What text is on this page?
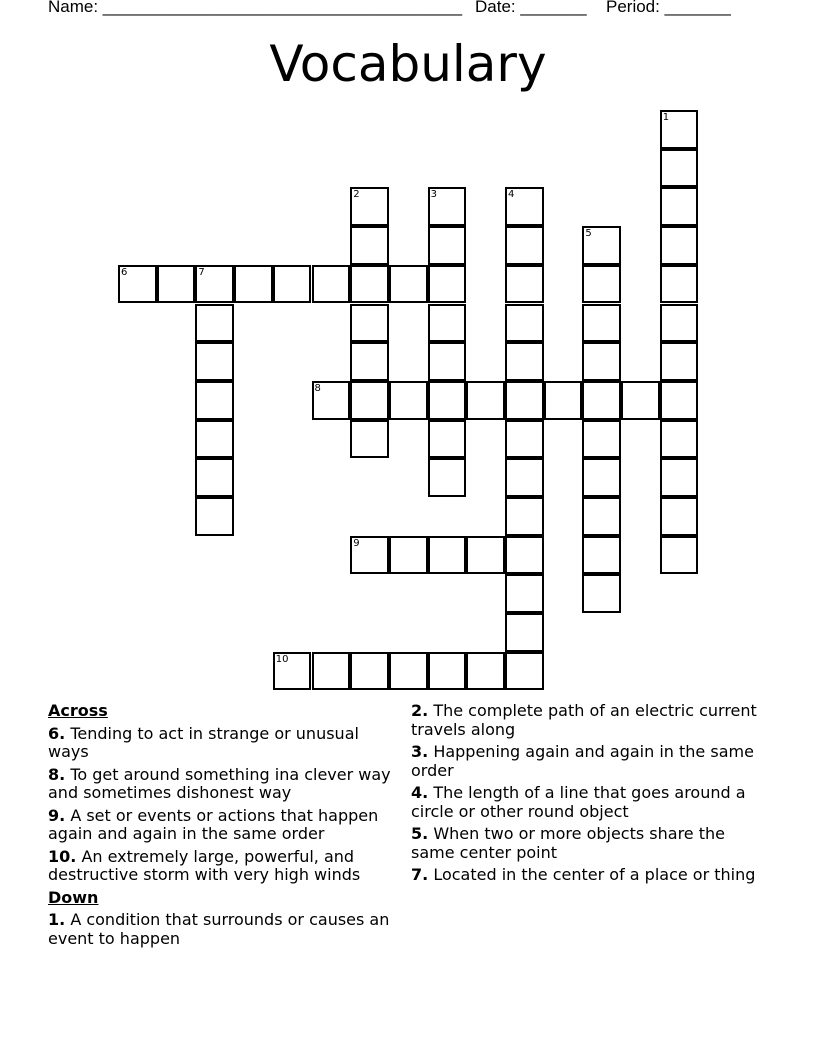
Name: ______________________________________ Date: _______ Period: _______
Vocabulary
1
2	3	4
5
6	7
8
9
10
Across
6. Tending to act in strange or unusual ways
8. To get around something ina clever way and sometimes dishonest way
9. A set or events or actions that happen again and again in the same order
10. An extremely large, powerful, and destructive storm with very high winds
Down
1. A condition that surrounds or causes an event to happen
2. The complete path of an electric current travels along
3. Happening again and again in the same order
4. The length of a line that goes around a circle or other round object
5. When two or more objects share the same center point
7. Located in the center of a place or thing
